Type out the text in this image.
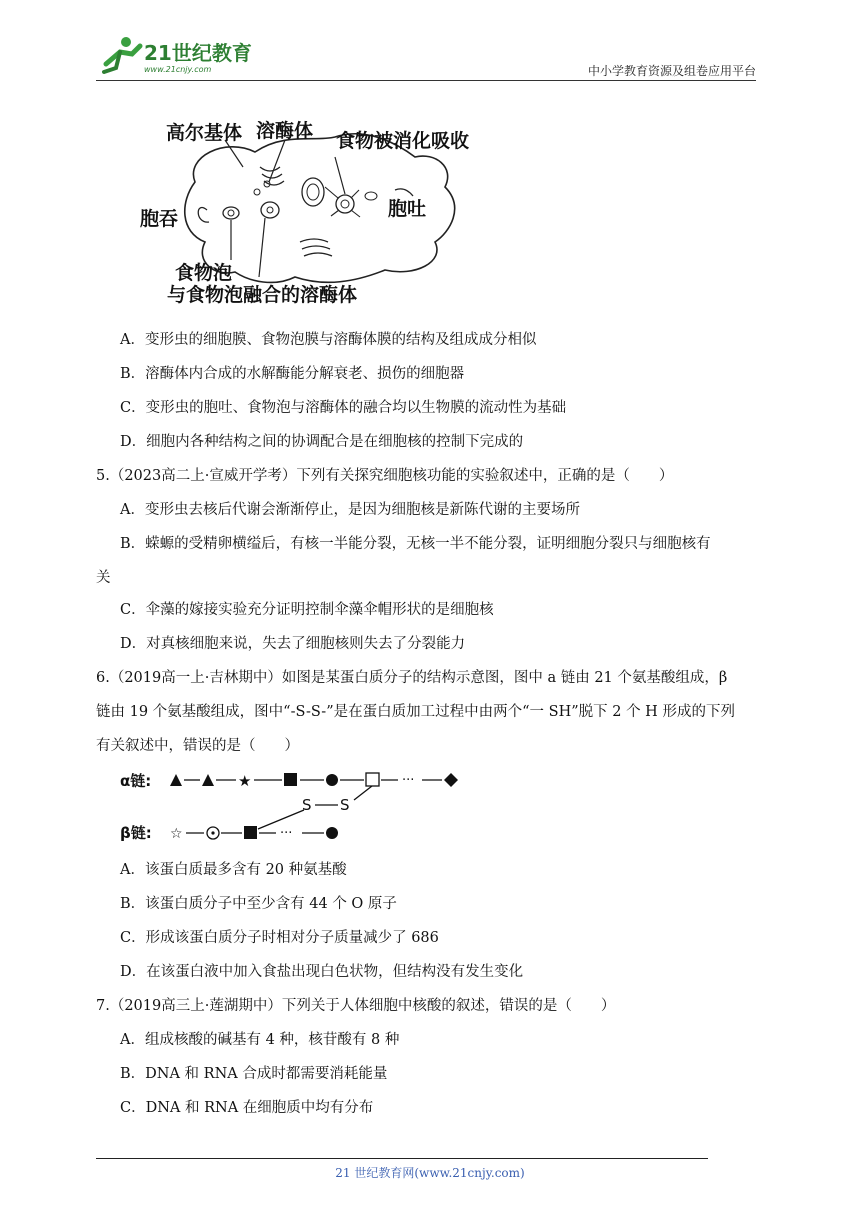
21世纪教育
www.21cnjy.com	中小学教育资源及组卷应用平台
高尔基体 溶酶体 食物被消化吸收
胞吞	胞吐
食物泡
与食物泡融合的溶酶体
A．变形虫的细胞膜、食物泡膜与溶酶体膜的结构及组成成分相似
B．溶酶体内合成的水解酶能分解衰老、损伤的细胞器
C．变形虫的胞吐、食物泡与溶酶体的融合均以生物膜的流动性为基础
D．细胞内各种结构之间的协调配合是在细胞核的控制下完成的
5.（2023高二上·宣威开学考）下列有关探究细胞核功能的实验叙述中，正确的是（　　）
A．变形虫去核后代谢会渐渐停止，是因为细胞核是新陈代谢的主要场所
B．蝾螈的受精卵横缢后，有核一半能分裂，无核一半不能分裂，证明细胞分裂只与细胞核有
关
C．伞藻的嫁接实验充分证明控制伞藻伞帽形状的是细胞核
D．对真核细胞来说，失去了细胞核则失去了分裂能力
6.（2019高一上·吉林期中）如图是某蛋白质分子的结构示意图，图中 a 链由 21 个氨基酸组成，β
链由 19 个氨基酸组成，图中“-S-S-”是在蛋白质加工过程中由两个“一 SH”脱下 2 个 H 形成的下列
有关叙述中，错误的是（　　）
α链:	★	···
S S
β链: ☆	···
A．该蛋白质最多含有 20 种氨基酸
B．该蛋白质分子中至少含有 44 个 O 原子
C．形成该蛋白质分子时相对分子质量减少了 686
D．在该蛋白液中加入食盐出现白色状物，但结构没有发生变化
7.（2019高三上·莲湖期中）下列关于人体细胞中核酸的叙述，错误的是（　　）
A．组成核酸的碱基有 4 种，核苷酸有 8 种
B．DNA 和 RNA 合成时都需要消耗能量
C．DNA 和 RNA 在细胞质中均有分布
21 世纪教育网(www.21cnjy.com)
